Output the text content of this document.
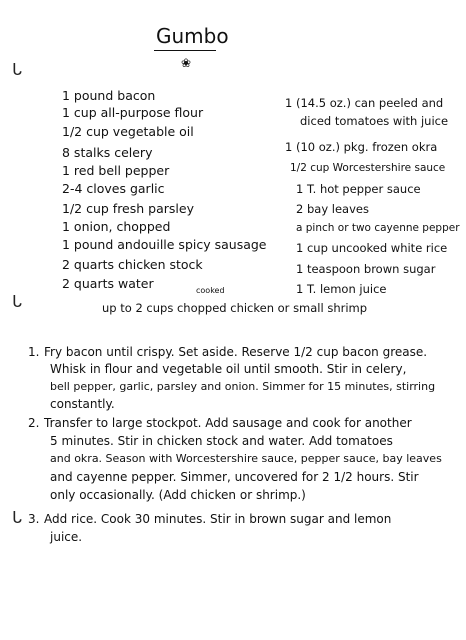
Gumbo
❀
ᒐ
ᒐ
ᒐ
1 pound bacon
1 cup all-purpose flour
1/2 cup vegetable oil
8 stalks celery
1 red bell pepper
2-4 cloves garlic
1/2 cup fresh parsley
1 onion, chopped
1 pound andouille spicy sausage
2 quarts chicken stock
2 quarts water
1 (14.5 oz.) can peeled and
diced tomatoes with juice
1 (10 oz.) pkg. frozen okra
1/2 cup Worcestershire sauce
1 T. hot pepper sauce
2 bay leaves
a pinch or two cayenne pepper
1 cup uncooked white rice
1 teaspoon brown sugar
1 T. lemon juice
cooked
up to 2 cups chopped chicken or small shrimp
1. Fry bacon until crispy. Set aside. Reserve 1/2 cup bacon grease.
Whisk in flour and vegetable oil until smooth. Stir in celery,
bell pepper, garlic, parsley and onion. Simmer for 15 minutes, stirring
constantly.
2. Transfer to large stockpot. Add sausage and cook for another
5 minutes. Stir in chicken stock and water. Add tomatoes
and okra. Season with Worcestershire sauce, pepper sauce, bay leaves
and cayenne pepper. Simmer, uncovered for 2 1/2 hours. Stir
only occasionally. (Add chicken or shrimp.)
3. Add rice. Cook 30 minutes. Stir in brown sugar and lemon
juice.
